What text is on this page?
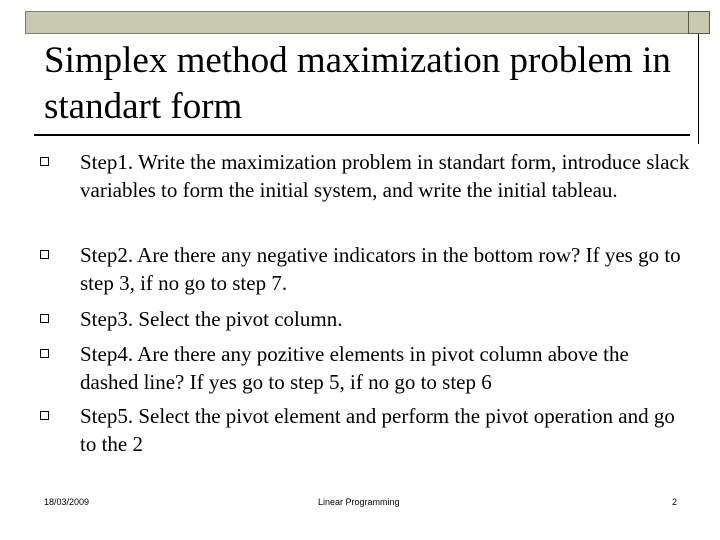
Simplex method maximization problem in standart form
Step1. Write the maximization problem in standart form, introduce slack variables to form the initial system, and write the initial tableau.
Step2. Are there any negative indicators in the bottom row? If yes go to step 3, if no go to step 7.
Step3. Select the pivot column.
Step4. Are there any pozitive elements in pivot column above the dashed line? If yes go to step 5, if no go to step 6
Step5. Select the pivot element and perform the pivot operation and go to the 2
18/03/2009	Linear Programming	2
